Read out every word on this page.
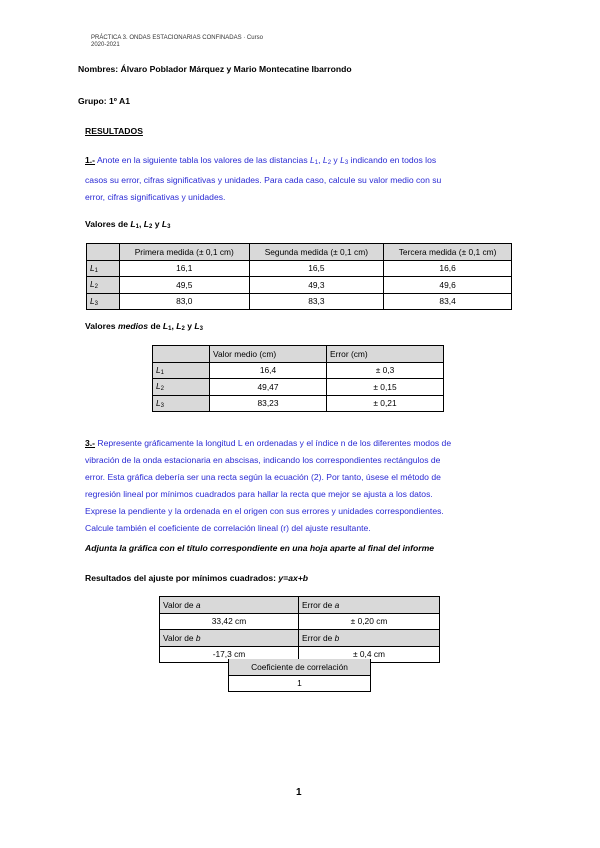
PRÁCTICA 3. ONDAS ESTACIONARIAS CONFINADAS · Curso
2020-2021
Nombres: Álvaro Poblador Márquez y Mario Montecatine Ibarrondo
Grupo: 1º A1
RESULTADOS
1.- Anote en la siguiente tabla los valores de las distancias L1, L2 y L3 indicando en todos los
casos su error, cifras significativas y unidades. Para cada caso, calcule su valor medio con su
error, cifras significativas y unidades.
Valores de L1, L2 y L3
	Primera medida (± 0,1 cm)	Segunda medida (± 0,1 cm)	Tercera medida (± 0,1 cm)
L1	16,1	16,5	16,6
L2	49,5	49,3	49,6
L3	83,0	83,3	83,4
Valores medios de L1, L2 y L3
	Valor medio (cm)	Error (cm)
L1	16,4	± 0,3
L2	49,47	± 0,15
L3	83,23	± 0,21
3.- Represente gráficamente la longitud L en ordenadas y el índice n de los diferentes modos de
vibración de la onda estacionaria en abscisas, indicando los correspondientes rectángulos de
error. Esta gráfica debería ser una recta según la ecuación (2). Por tanto, úsese el método de
regresión lineal por mínimos cuadrados para hallar la recta que mejor se ajusta a los datos.
Exprese la pendiente y la ordenada en el origen con sus errores y unidades correspondientes.
Calcule también el coeficiente de correlación lineal (r) del ajuste resultante.
Adjunta la gráfica con el título correspondiente en una hoja aparte al final del informe
Resultados del ajuste por mínimos cuadrados: y=ax+b
Valor de a	Error de a
33,42 cm	± 0,20 cm
Valor de b	Error de b
-17,3 cm	± 0,4 cm
Coeficiente de correlación
1
1
